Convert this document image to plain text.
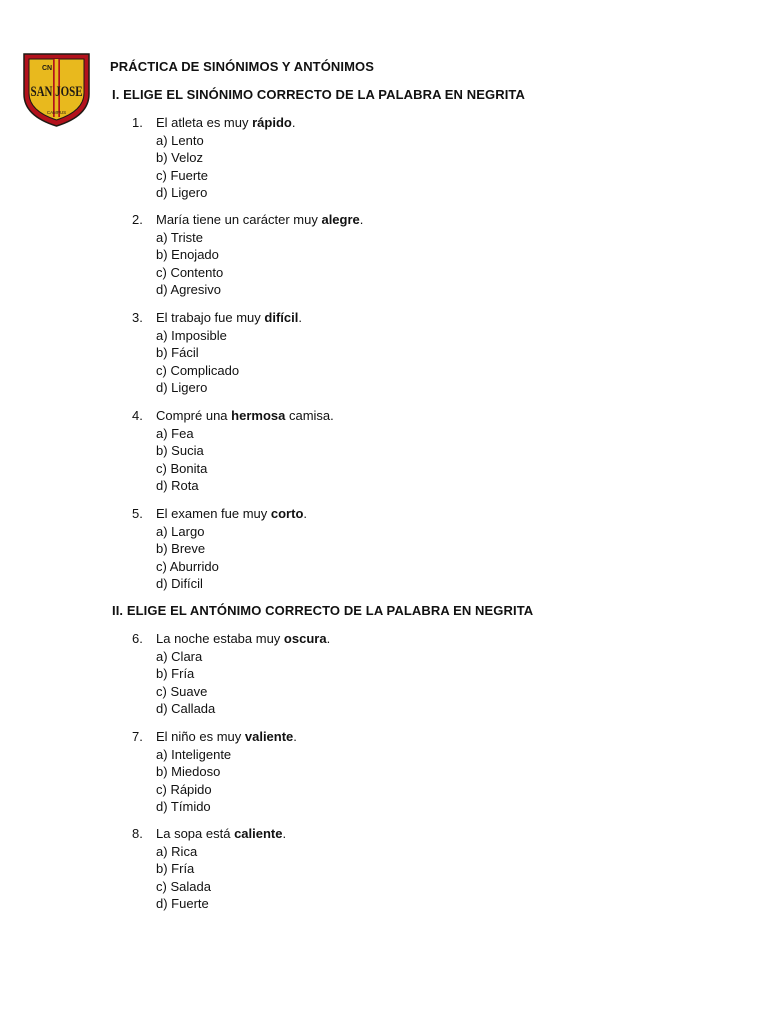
CN
SAN JOSE
CAMPUS
PRÁCTICA DE SINÓNIMOS Y ANTÓNIMOS
I. ELIGE EL SINÓNIMO CORRECTO DE LA PALABRA EN NEGRITA
1. El atleta es muy rápido.
a) Lento
b) Veloz
c) Fuerte
d) Ligero
2. María tiene un carácter muy alegre.
a) Triste
b) Enojado
c) Contento
d) Agresivo
3. El trabajo fue muy difícil.
a) Imposible
b) Fácil
c) Complicado
d) Ligero
4. Compré una hermosa camisa.
a) Fea
b) Sucia
c) Bonita
d) Rota
5. El examen fue muy corto.
a) Largo
b) Breve
c) Aburrido
d) Difícil
II. ELIGE EL ANTÓNIMO CORRECTO DE LA PALABRA EN NEGRITA
6. La noche estaba muy oscura.
a) Clara
b) Fría
c) Suave
d) Callada
7. El niño es muy valiente.
a) Inteligente
b) Miedoso
c) Rápido
d) Tímido
8. La sopa está caliente.
a) Rica
b) Fría
c) Salada
d) Fuerte
